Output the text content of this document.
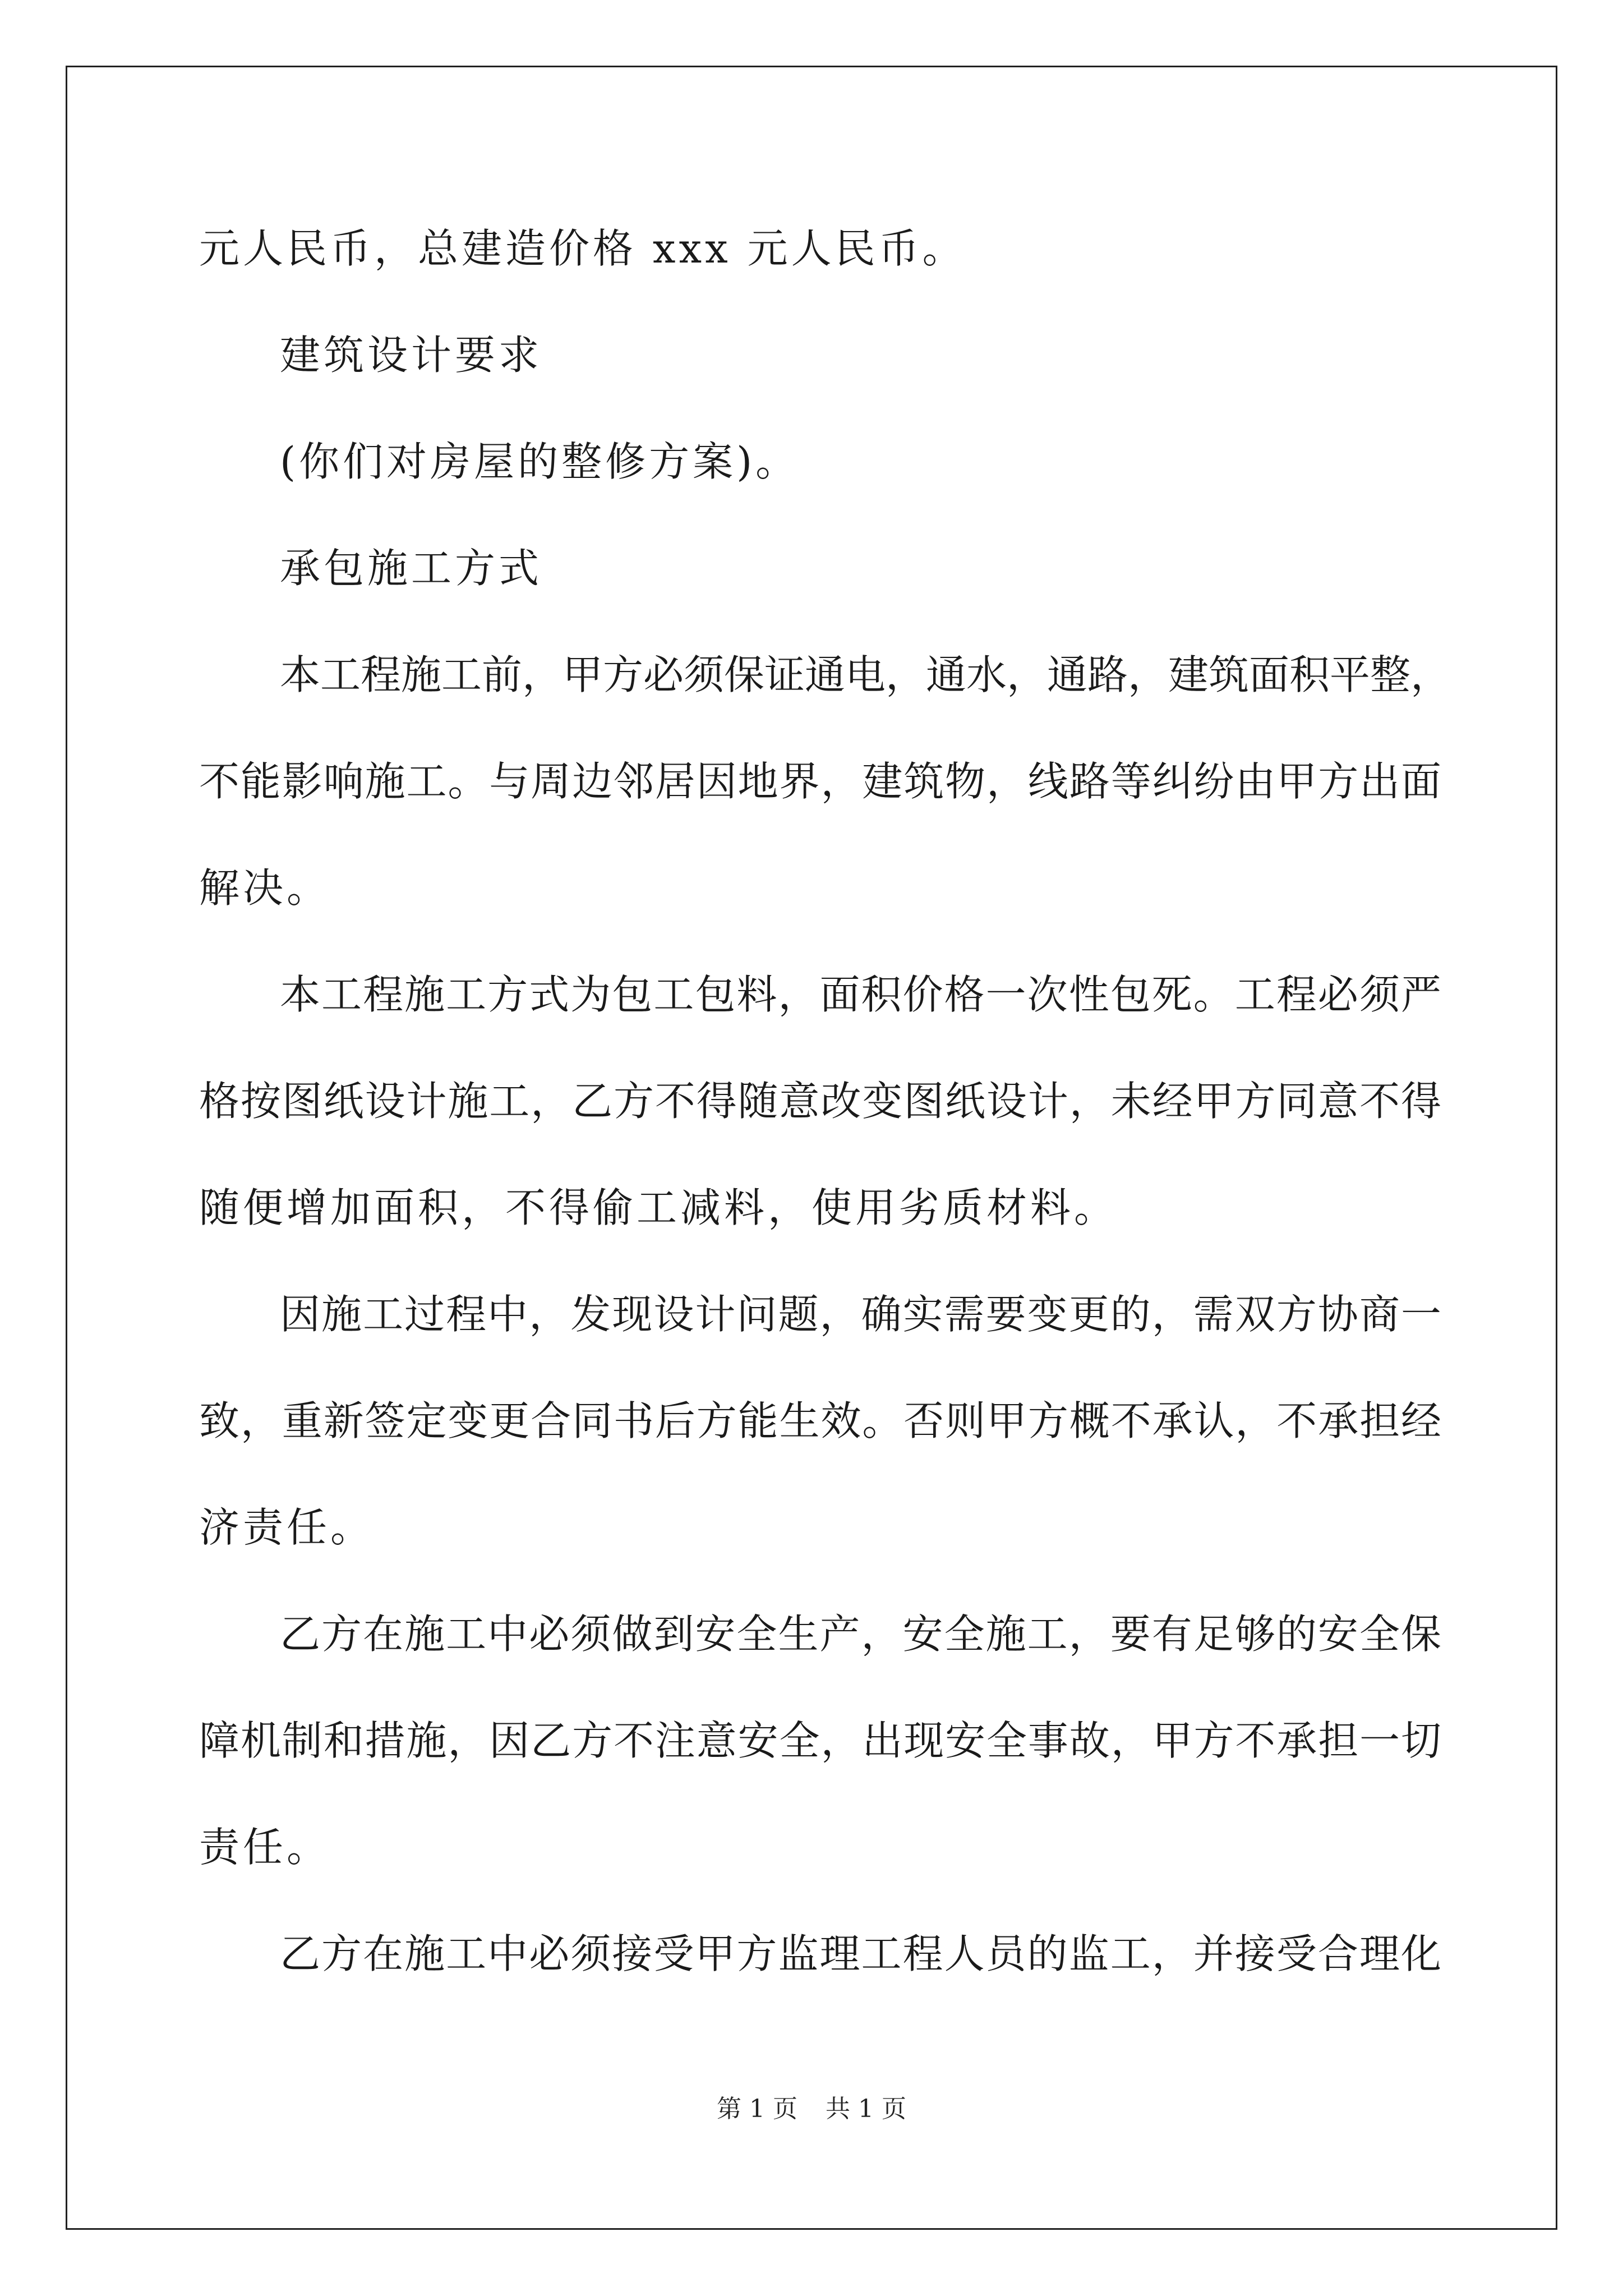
元人民币，总建造价格 xxx 元人民币。
建筑设计要求
(你们对房屋的整修方案)。
承包施工方式
本工程施工前，甲方必须保证通电，通水，通路，建筑面积平整，
不能影响施工。与周边邻居因地界，建筑物，线路等纠纷由甲方出面
解决。
本工程施工方式为包工包料，面积价格一次性包死。工程必须严
格按图纸设计施工，乙方不得随意改变图纸设计，未经甲方同意不得
随便增加面积，不得偷工减料，使用劣质材料。
因施工过程中，发现设计问题，确实需要变更的，需双方协商一
致，重新签定变更合同书后方能生效。否则甲方概不承认，不承担经
济责任。
乙方在施工中必须做到安全生产，安全施工，要有足够的安全保
障机制和措施，因乙方不注意安全，出现安全事故，甲方不承担一切
责任。
乙方在施工中必须接受甲方监理工程人员的监工，并接受合理化
第 1 页 共 1 页
